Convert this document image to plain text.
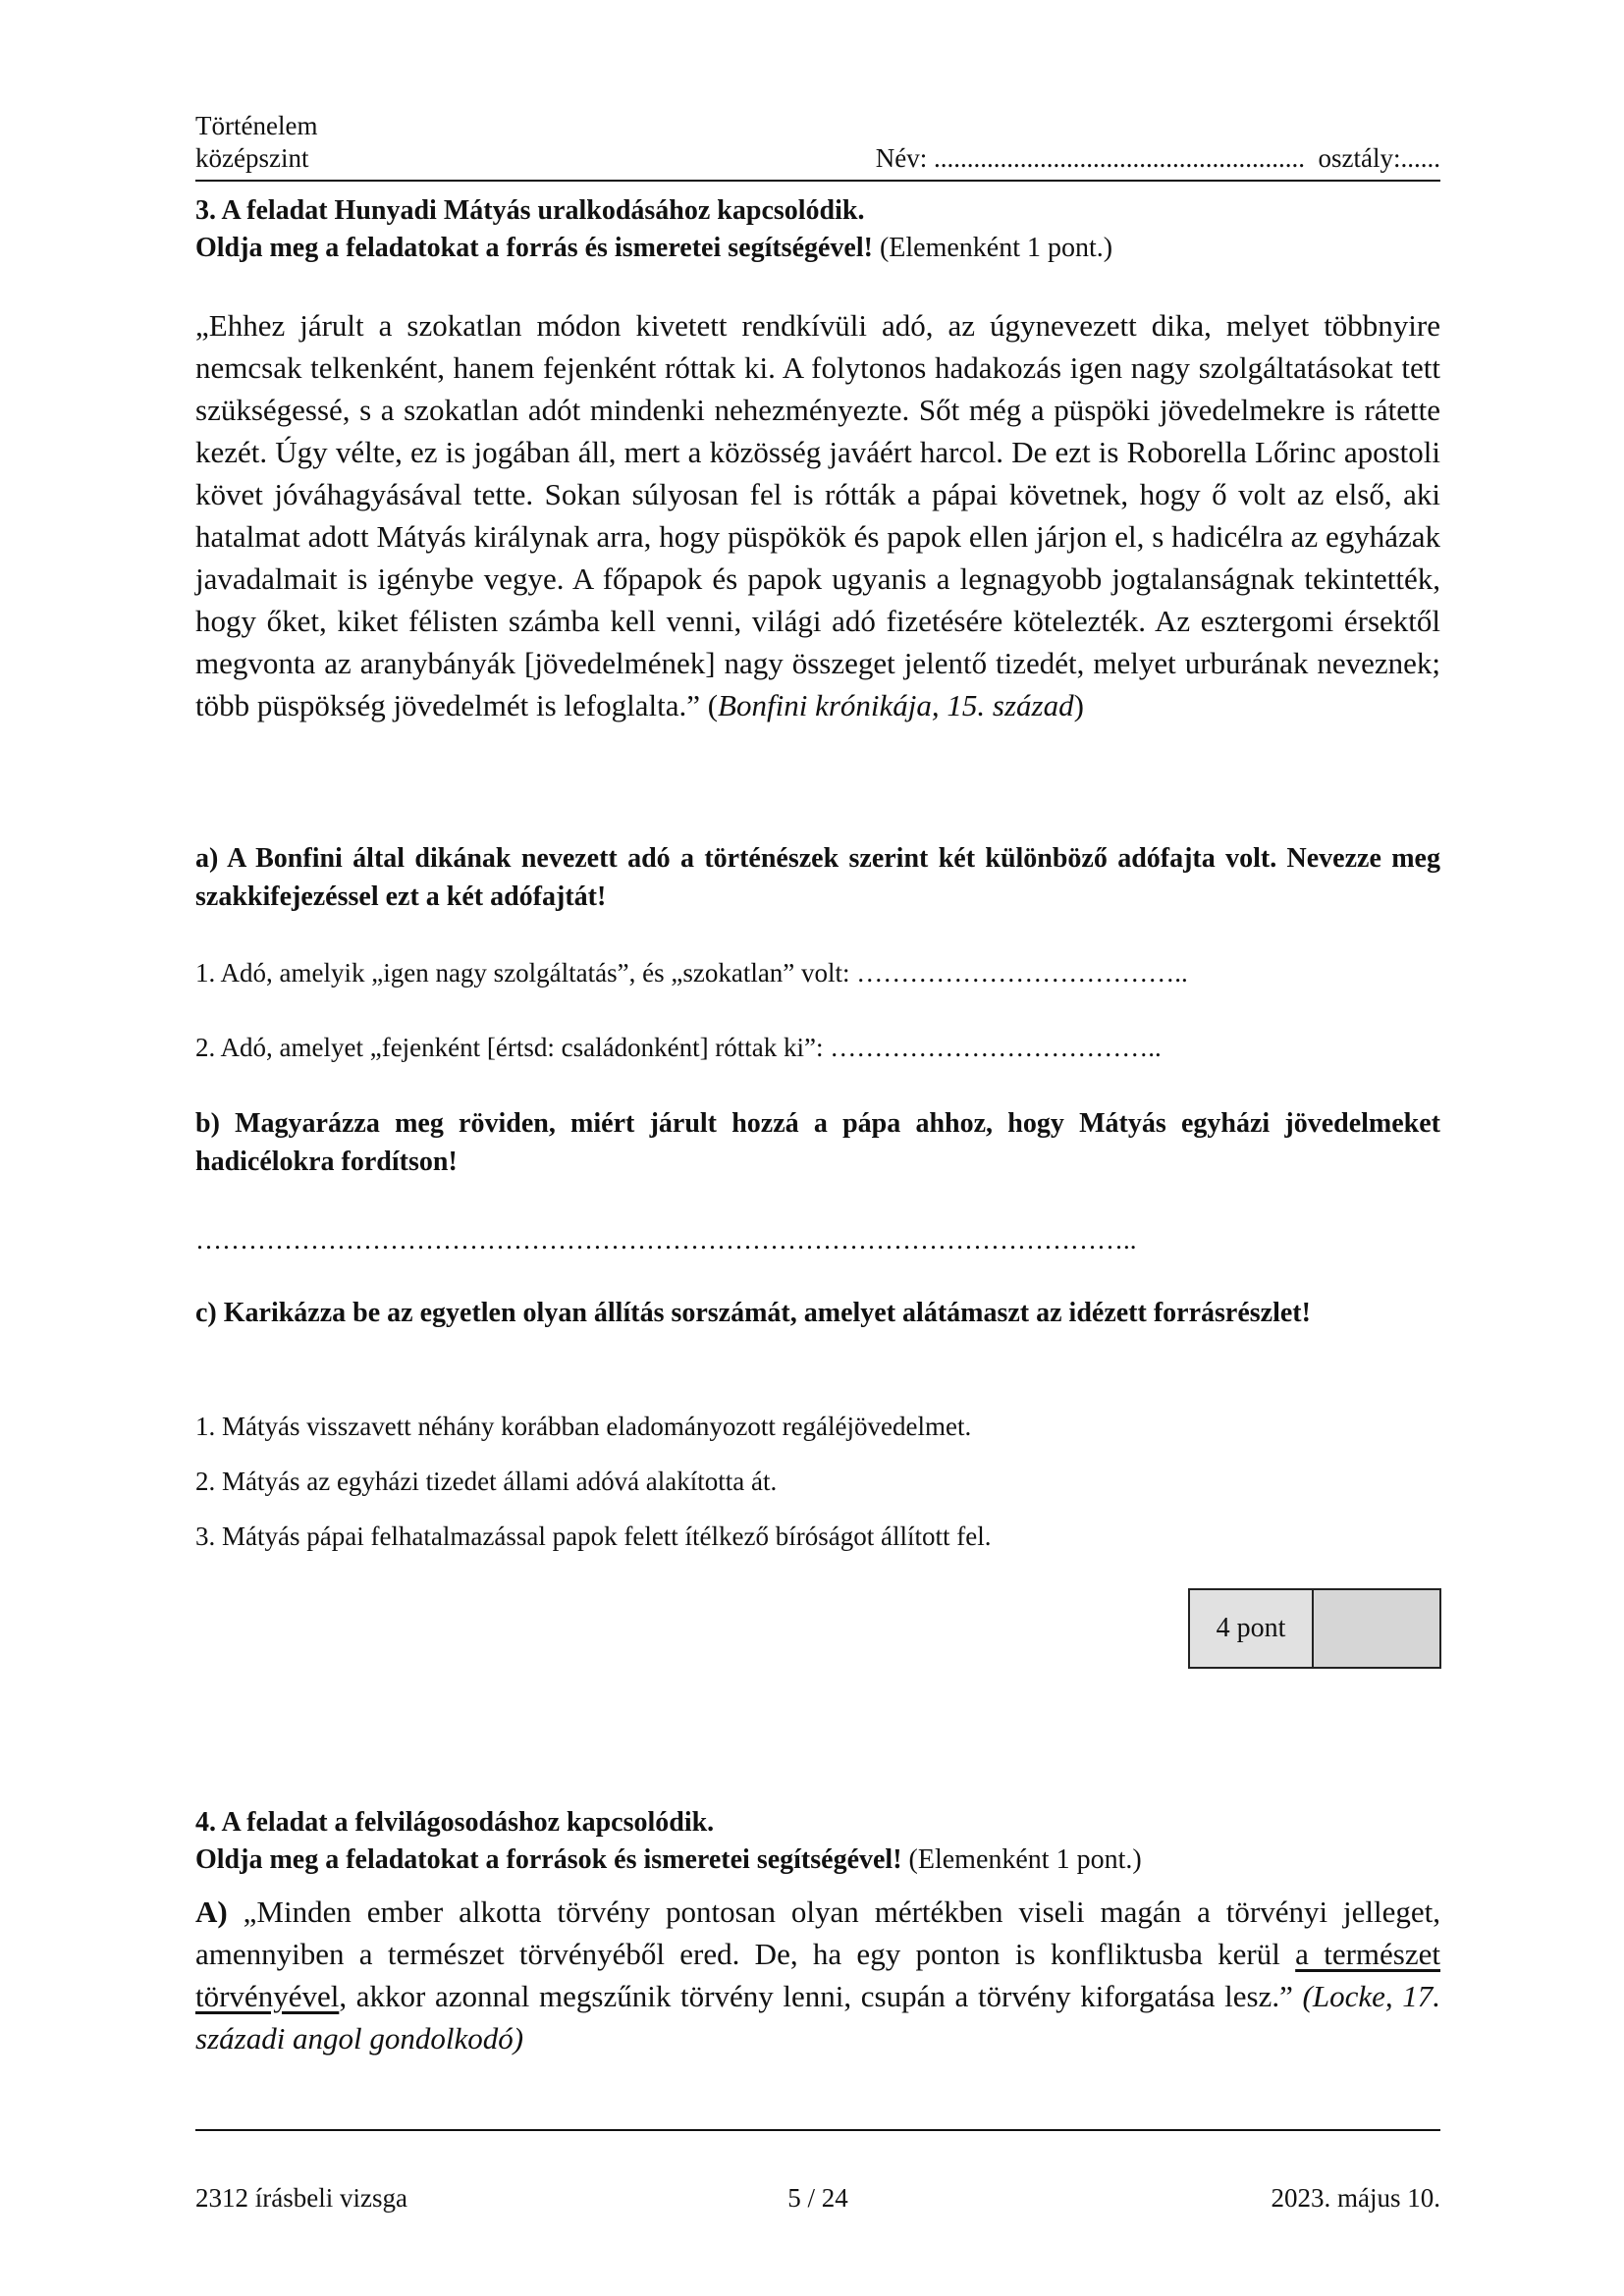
Történelem
középszint	Név: ........................................................  osztály:......
3. A feladat Hunyadi Mátyás uralkodásához kapcsolódik.
Oldja meg a feladatokat a forrás és ismeretei segítségével! (Elemenként 1 pont.)
„Ehhez járult a szokatlan módon kivetett rendkívüli adó, az úgynevezett dika, melyet többnyire nemcsak telkenként, hanem fejenként róttak ki. A folytonos hadakozás igen nagy szolgáltatásokat tett szükségessé, s a szokatlan adót mindenki nehezményezte. Sőt még a püspöki jövedelmekre is rátette kezét. Úgy vélte, ez is jogában áll, mert a közösség javáért harcol. De ezt is Roborella Lőrinc apostoli követ jóváhagyásával tette. Sokan súlyosan fel is rótták a pápai követnek, hogy ő volt az első, aki hatalmat adott Mátyás királynak arra, hogy püspökök és papok ellen járjon el, s hadicélra az egyházak javadalmait is igénybe vegye. A főpapok és papok ugyanis a legnagyobb jogtalanságnak tekintették, hogy őket, kiket félisten számba kell venni, világi adó fizetésére kötelezték. Az esztergomi érsektől megvonta az aranybányák [jövedelmének] nagy összeget jelentő tizedét, melyet urburának neveznek; több püspökség jövedelmét is lefoglalta.” (Bonfini krónikája, 15. század)
a) A Bonfini által dikának nevezett adó a történészek szerint két különböző adófajta volt. Nevezze meg szakkifejezéssel ezt a két adófajtát!
1. Adó, amelyik „igen nagy szolgáltatás”, és „szokatlan” volt: ………………………………..
2. Adó, amelyet „fejenként [értsd: családonként] róttak ki”: ………………………………..
b) Magyarázza meg röviden, miért járult hozzá a pápa ahhoz, hogy Mátyás egyházi jövedelmeket hadicélokra fordítson!
……………………………………………………………………………………………..
c) Karikázza be az egyetlen olyan állítás sorszámát, amelyet alátámaszt az idézett forrásrészlet!
1. Mátyás visszavett néhány korábban eladományozott regáléjövedelmet.
2. Mátyás az egyházi tizedet állami adóvá alakította át.
3. Mátyás pápai felhatalmazással papok felett ítélkező bíróságot állított fel.
4 pont
4. A feladat a felvilágosodáshoz kapcsolódik.
Oldja meg a feladatokat a források és ismeretei segítségével! (Elemenként 1 pont.)
A) „Minden ember alkotta törvény pontosan olyan mértékben viseli magán a törvényi jelleget, amennyiben a természet törvényéből ered. De, ha egy ponton is konfliktusba kerül a természet törvényével, akkor azonnal megszűnik törvény lenni, csupán a törvény kiforgatása lesz.” (Locke, 17. századi angol gondolkodó)
2312 írásbeli vizsga	5 / 24	2023. május 10.
